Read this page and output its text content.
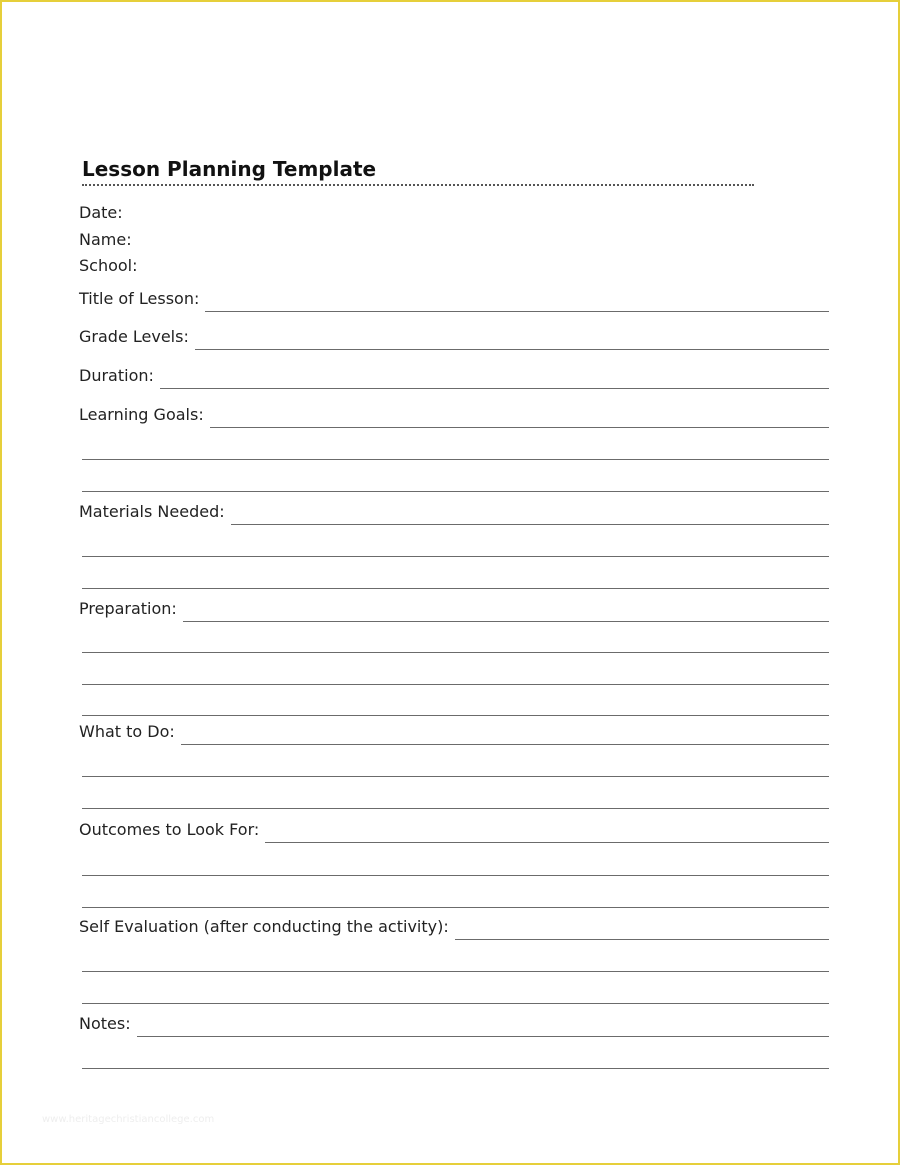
Lesson Planning Template
Date:
Name:
School:
Title of Lesson:
Grade Levels:
Duration:
Learning Goals:
Materials Needed:
Preparation:
What to Do:
Outcomes to Look For:
Self Evaluation (after conducting the activity):
Notes:
www.heritagechristiancollege.com
